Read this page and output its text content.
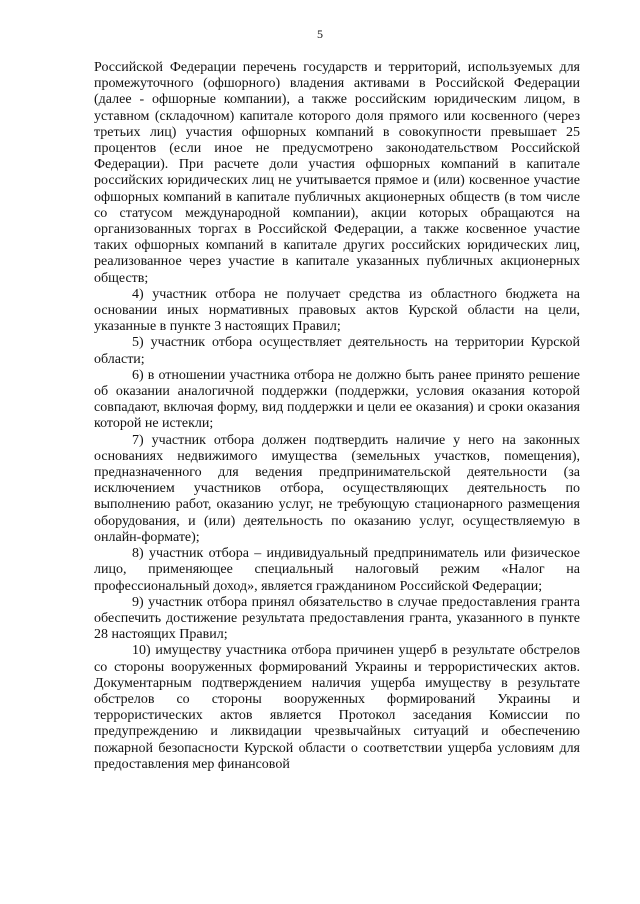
5

Российской Федерации перечень государств и территорий, используемых для промежуточного (офшорного) владения активами в Российской Федерации (далее - офшорные компании), а также российским юридическим лицом, в уставном (складочном) капитале которого доля прямого или косвенного (через третьих лиц) участия офшорных компаний в совокупности превышает 25 процентов (если иное не предусмотрено законодательством Российской Федерации). При расчете доли участия офшорных компаний в капитале российских юридических лиц не учитывается прямое и (или) косвенное участие офшорных компаний в капитале публичных акционерных обществ (в том числе со статусом международной компании), акции которых обращаются на организованных торгах в Российской Федерации, а также косвенное участие таких офшорных компаний в капитале других российских юридических лиц, реализованное через участие в капитале указанных публичных акционерных обществ;

4) участник отбора не получает средства из областного бюджета на основании иных нормативных правовых актов Курской области на цели, указанные в пункте 3 настоящих Правил;

5) участник отбора осуществляет деятельность на территории Курской области;

6) в отношении участника отбора не должно быть ранее принято решение об оказании аналогичной поддержки (поддержки, условия оказания которой совпадают, включая форму, вид поддержки и цели ее оказания) и сроки оказания которой не истекли;

7) участник отбора должен подтвердить наличие у него на законных основаниях недвижимого имущества (земельных участков, помещения), предназначенного для ведения предпринимательской деятельности (за исключением участников отбора, осуществляющих деятельность по выполнению работ, оказанию услуг, не требующую стационарного размещения оборудования, и (или) деятельность по оказанию услуг, осуществляемую в онлайн-формате);

8) участник отбора – индивидуальный предприниматель или физическое лицо, применяющее специальный налоговый режим «Налог на профессиональный доход», является гражданином Российской Федерации;

9) участник отбора принял обязательство в случае предоставления гранта обеспечить достижение результата предоставления гранта, указанного в пункте 28 настоящих Правил;

10) имуществу участника отбора причинен ущерб в результате обстрелов со стороны вооруженных формирований Украины и террористических актов. Документарным подтверждением наличия ущерба имуществу в результате обстрелов со стороны вооруженных формирований Украины и террористических актов является Протокол заседания Комиссии по предупреждению и ликвидации чрезвычайных ситуаций и обеспечению пожарной безопасности Курской области о соответствии ущерба условиям для предоставления мер финансовой
